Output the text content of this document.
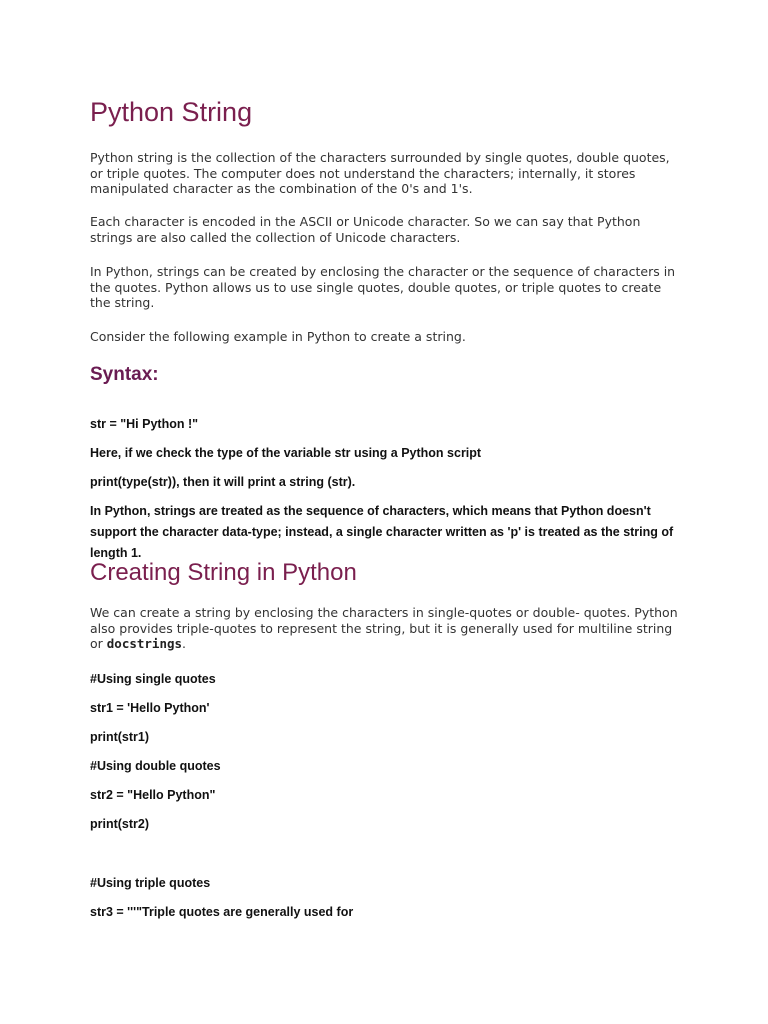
Python String

Python string is the collection of the characters surrounded by single quotes, double quotes, or triple quotes. The computer does not understand the characters; internally, it stores manipulated character as the combination of the 0's and 1's.

Each character is encoded in the ASCII or Unicode character. So we can say that Python strings are also called the collection of Unicode characters.

In Python, strings can be created by enclosing the character or the sequence of characters in the quotes. Python allows us to use single quotes, double quotes, or triple quotes to create the string.

Consider the following example in Python to create a string.

Syntax:

str = "Hi Python !"

Here, if we check the type of the variable str using a Python script

print(type(str)), then it will print a string (str).

In Python, strings are treated as the sequence of characters, which means that Python doesn't support the character data-type; instead, a single character written as 'p' is treated as the string of length 1.

Creating String in Python

We can create a string by enclosing the characters in single-quotes or double- quotes. Python also provides triple-quotes to represent the string, but it is generally used for multiline string or docstrings.

#Using single quotes

str1 = 'Hello Python'

print(str1)

#Using double quotes

str2 = "Hello Python"

print(str2)

#Using triple quotes

str3 = '''"Triple quotes are generally used for
